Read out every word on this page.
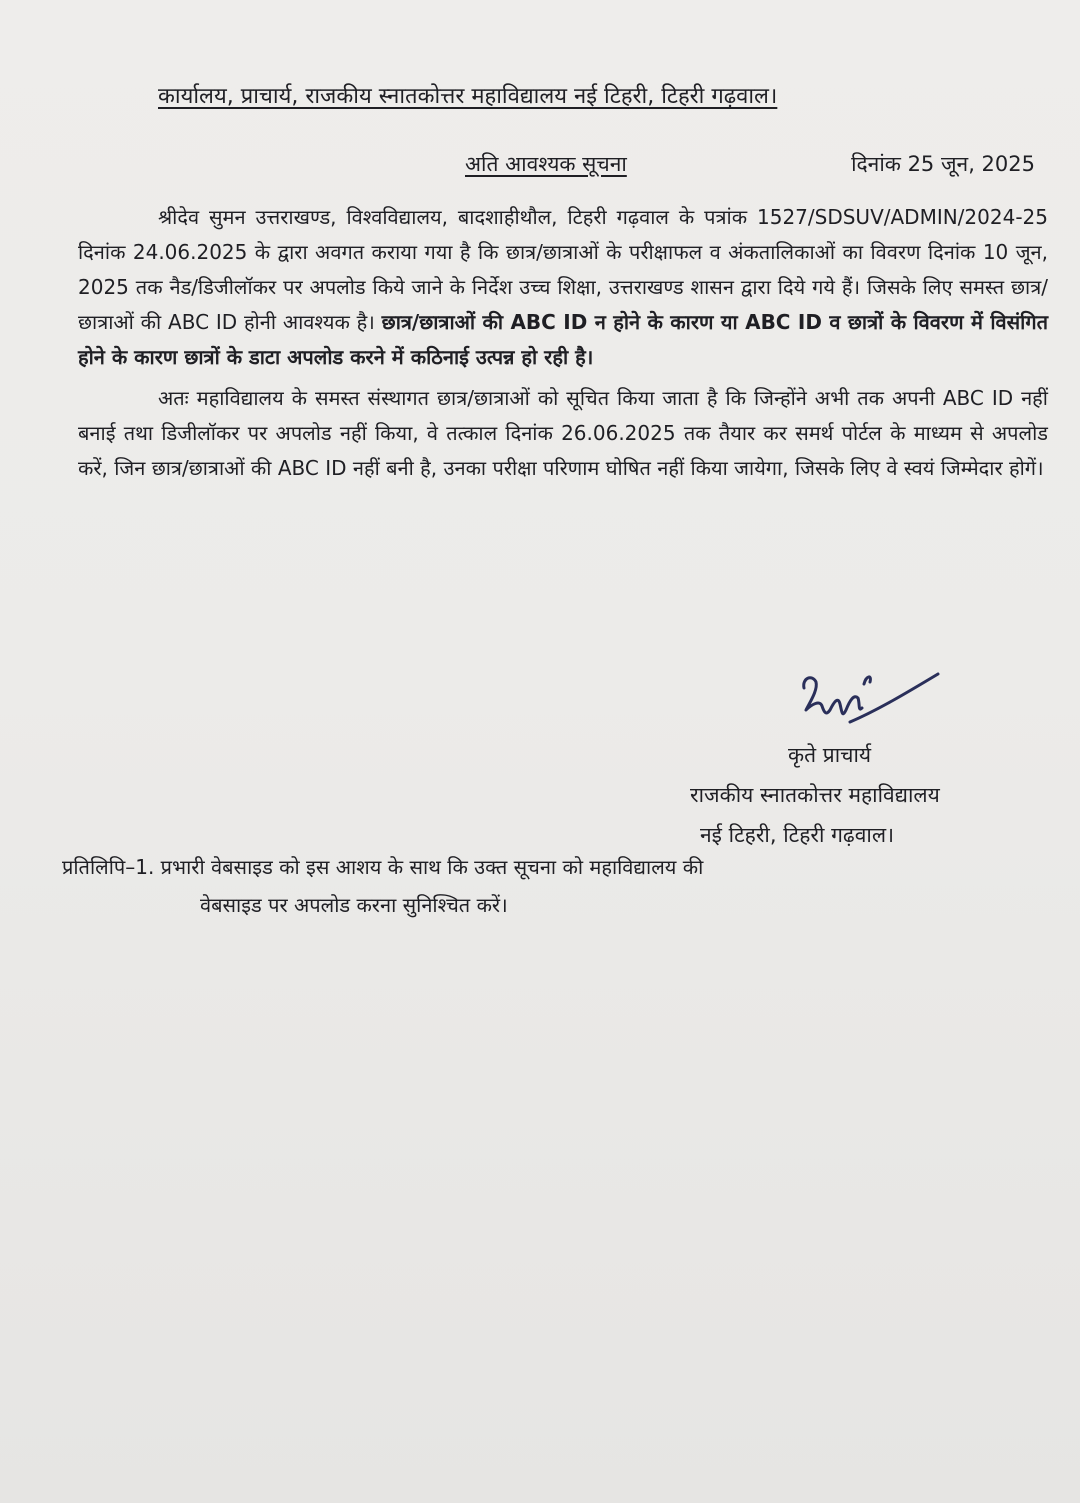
कार्यालय, प्राचार्य, राजकीय स्नातकोत्तर महाविद्यालय नई टिहरी, टिहरी गढ़वाल।
अति आवश्यक सूचना	दिनांक 25 जून, 2025

श्रीदेव सुमन उत्तराखण्ड, विश्वविद्यालय, बादशाहीथौल, टिहरी गढ़वाल के पत्रांक 1527/SDSUV/ADMIN/2024-25 दिनांक 24.06.2025 के द्वारा अवगत कराया गया है कि छात्र/छात्राओं के परीक्षाफल व अंकतालिकाओं का विवरण दिनांक 10 जून, 2025 तक नैड/डिजीलॉकर पर अपलोड किये जाने के निर्देश उच्च शिक्षा, उत्तराखण्ड शासन द्वारा दिये गये हैं। जिसके लिए समस्त छात्र/छात्राओं की ABC ID होनी आवश्यक है। छात्र/छात्राओं की ABC ID न होने के कारण या ABC ID व छात्रों के विवरण में विसंगित होने के कारण छात्रों के डाटा अपलोड करने में कठिनाई उत्पन्न हो रही है।

अतः महाविद्यालय के समस्त संस्थागत छात्र/छात्राओं को सूचित किया जाता है कि जिन्होंने अभी तक अपनी ABC ID नहीं बनाई तथा डिजीलॉकर पर अपलोड नहीं किया, वे तत्काल दिनांक 26.06.2025 तक तैयार कर समर्थ पोर्टल के माध्यम से अपलोड करें, जिन छात्र/छात्राओं की ABC ID नहीं बनी है, उनका परीक्षा परिणाम घोषित नहीं किया जायेगा, जिसके लिए वे स्वयं जिम्मेदार होगें।

कृते प्राचार्य
राजकीय स्नातकोत्तर महाविद्यालय
नई टिहरी, टिहरी गढ़वाल।
प्रतिलिपि–1. प्रभारी वेबसाइड को इस आशय के साथ कि उक्त सूचना को महाविद्यालय की
वेबसाइड पर अपलोड करना सुनिश्चित करें।
